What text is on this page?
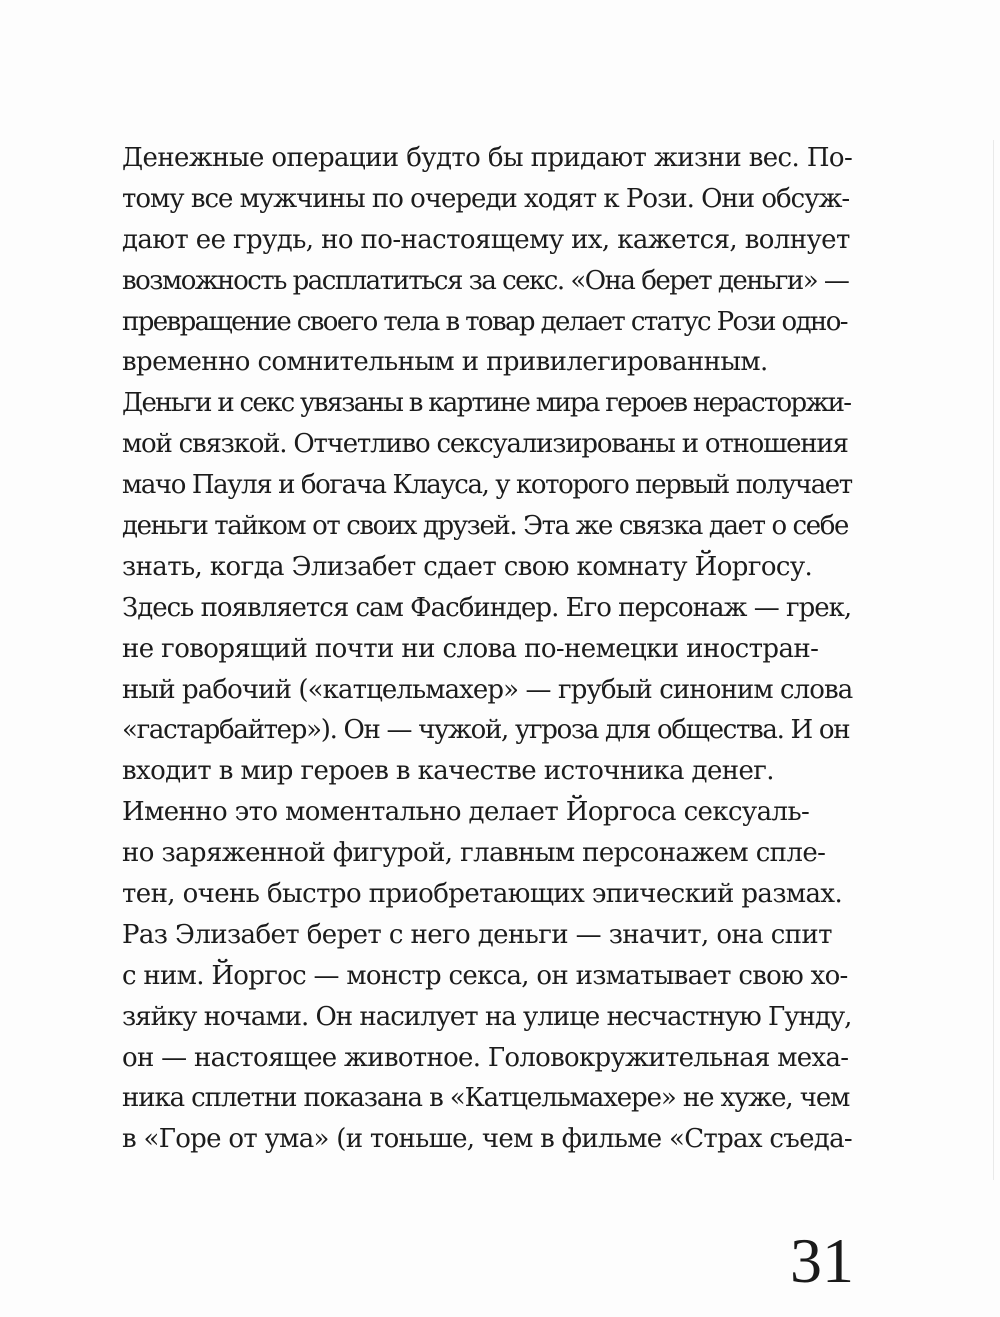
Денежные операции будто бы придают жизни вес. По-
тому все мужчины по очереди ходят к Рози. Они обсуж-
дают ее грудь, но по-настоящему их, кажется, волнует
возможность расплатиться за секс. «Она берет деньги» —
превращение своего тела в товар делает статус Рози одно-
временно сомнительным и привилегированным.
Деньги и секс увязаны в картине мира героев нерасторжи-
мой связкой. Отчетливо сексуализированы и отношения
мачо Пауля и богача Клауса, у которого первый получает
деньги тайком от своих друзей. Эта же связка дает о себе
знать, когда Элизабет сдает свою комнату Йоргосу.
Здесь появляется сам Фасбиндер. Его персонаж — грек,
не говорящий почти ни слова по-немецки иностран-
ный рабочий («катцельмахер» — грубый синоним слова
«гастарбайтер»). Он — чужой, угроза для общества. И он
входит в мир героев в качестве источника денег.
Именно это моментально делает Йоргоса сексуаль-
но заряженной фигурой, главным персонажем спле-
тен, очень быстро приобретающих эпический размах.
Раз Элизабет берет с него деньги — значит, она спит
с ним. Йоргос — монстр секса, он изматывает свою хо-
зяйку ночами. Он насилует на улице несчастную Гунду,
он — настоящее животное. Головокружительная меха-
ника сплетни показана в «Катцельмахере» не хуже, чем
в «Горе от ума» (и тоньше, чем в фильме «Страх съеда-
31
